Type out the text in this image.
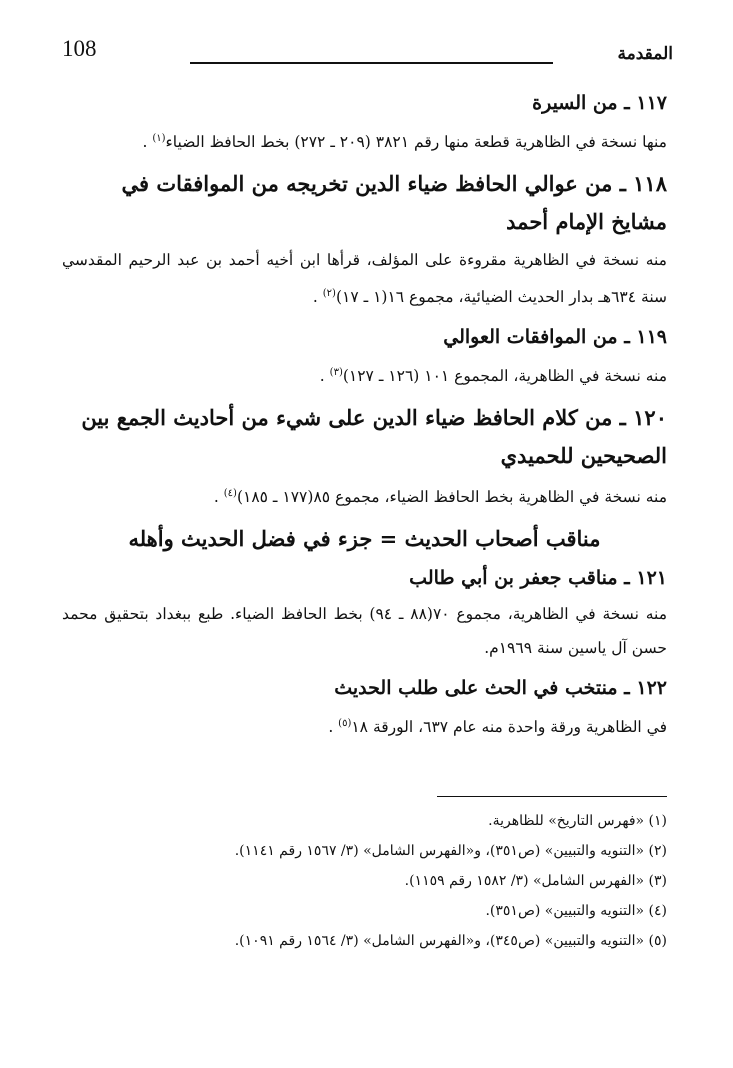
108	المقدمة
١١٧ ـ من السيرة
منها نسخة في الظاهرية قطعة منها رقم ٣٨٢١ (٢٠٩ ـ ٢٧٢) بخط الحافظ الضياء$^{(١)}$ .
١١٨ ـ من عوالي الحافظ ضياء الدين تخريجه من الموافقات في مشايخ الإمام أحمد
منه نسخة في الظاهرية مقروءة على المؤلف، قرأها ابن أخيه أحمد بن عبد الرحيم المقدسي سنة ٦٣٤هـ بدار الحديث الضيائية، مجموع ١٦(١ ـ ١٧)$^{(٢)}$ .
١١٩ ـ من الموافقات العوالي
منه نسخة في الظاهرية، المجموع ١٠١ (١٢٦ ـ ١٢٧)$^{(٣)}$ .
١٢٠ ـ من كلام الحافظ ضياء الدين على شيء من أحاديث الجمع بين الصحيحين للحميدي
منه نسخة في الظاهرية بخط الحافظ الضياء، مجموع ٨٥(١٧٧ ـ ١٨٥)$^{(٤)}$ .
مناقب أصحاب الحديث = جزء في فضل الحديث وأهله
١٢١ ـ مناقب جعفر بن أبي طالب
منه نسخة في الظاهرية، مجموع ٧٠(٨٨ ـ ٩٤) بخط الحافظ الضياء. طبع ببغداد بتحقيق محمد حسن آل ياسين سنة ١٩٦٩م.
١٢٢ ـ منتخب في الحث على طلب الحديث
في الظاهرية ورقة واحدة منه عام ٦٣٧، الورقة ١٨$^{(٥)}$ .
(١) «فهرس التاريخ» للظاهرية.
(٢) «التنويه والتبيين» (ص٣٥١)، و«الفهرس الشامل» (٣/ ١٥٦٧ رقم ١١٤١).
(٣) «الفهرس الشامل» (٣/ ١٥٨٢ رقم ١١٥٩).
(٤) «التنويه والتبيين» (ص٣٥١).
(٥) «التنويه والتبيين» (ص٣٤٥)، و«الفهرس الشامل» (٣/ ١٥٦٤ رقم ١٠٩١).
